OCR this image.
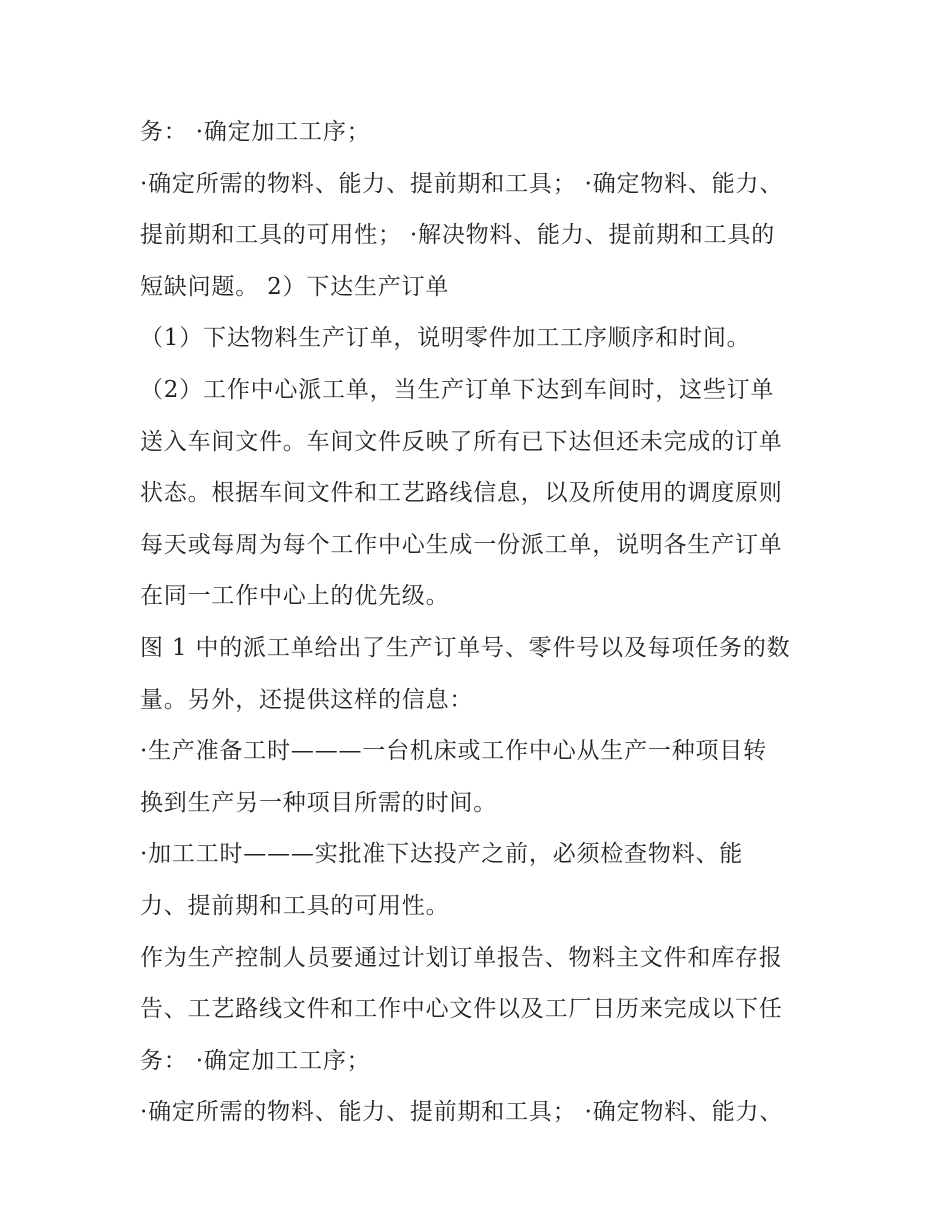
务： ·确定加工工序；
·确定所需的物料、能力、提前期和工具； ·确定物料、能力、
提前期和工具的可用性； ·解决物料、能力、提前期和工具的
短缺问题。 2）下达生产订单
（1）下达物料生产订单，说明零件加工工序顺序和时间。
（2）工作中心派工单，当生产订单下达到车间时，这些订单
送入车间文件。车间文件反映了所有已下达但还未完成的订单
状态。根据车间文件和工艺路线信息，以及所使用的调度原则
每天或每周为每个工作中心生成一份派工单，说明各生产订单
在同一工作中心上的优先级。
图 1 中的派工单给出了生产订单号、零件号以及每项任务的数
量。另外，还提供这样的信息：
·生产准备工时———一台机床或工作中心从生产一种项目转
换到生产另一种项目所需的时间。
·加工工时———实批准下达投产之前，必须检查物料、能
力、提前期和工具的可用性。
作为生产控制人员要通过计划订单报告、物料主文件和库存报
告、工艺路线文件和工作中心文件以及工厂日历来完成以下任
务： ·确定加工工序；
·确定所需的物料、能力、提前期和工具； ·确定物料、能力、
